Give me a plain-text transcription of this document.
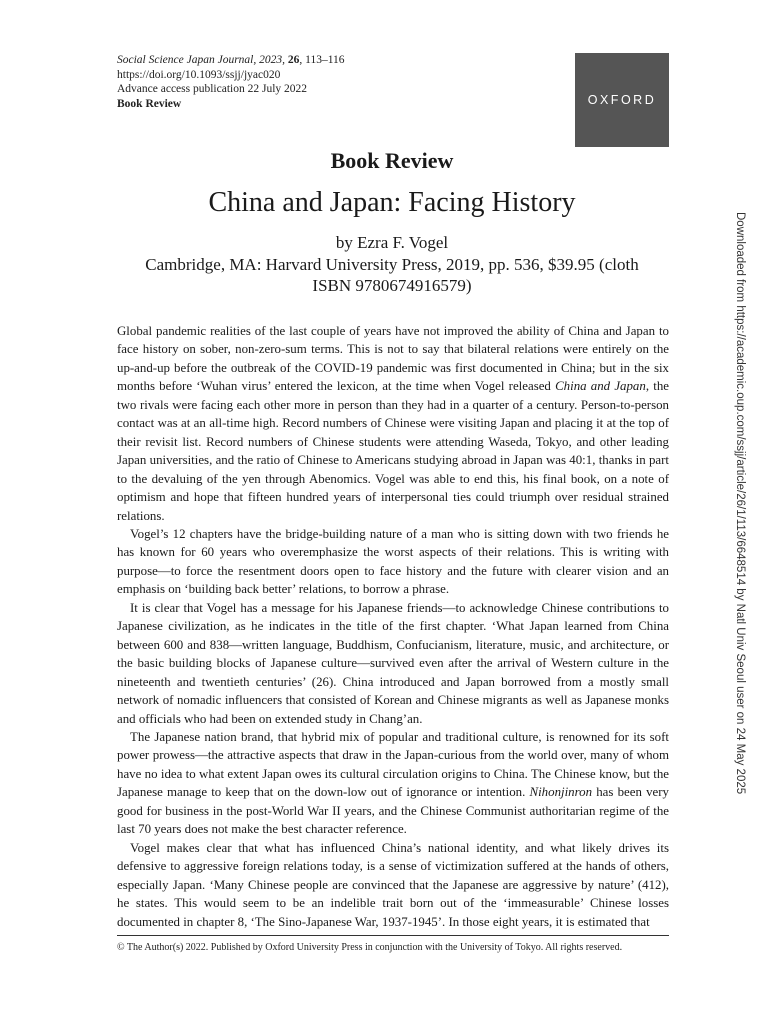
Social Science Japan Journal, 2023, 26, 113–116
https://doi.org/10.1093/ssjj/jyac020
Advance access publication 22 July 2022
Book Review	OXFORD
Book Review
China and Japan: Facing History
by Ezra F. Vogel
Cambridge, MA: Harvard University Press, 2019, pp. 536, $39.95 (cloth
ISBN 9780674916579)

Global pandemic realities of the last couple of years have not improved the ability of China and Japan to face history on sober, non-zero-sum terms. This is not to say that bilateral relations were entirely on the up-and-up before the outbreak of the COVID-19 pandemic was first documented in China; but in the six months before ‘Wuhan virus’ entered the lexicon, at the time when Vogel released China and Japan, the two rivals were facing each other more in person than they had in a quarter of a century. Person-to-person contact was at an all-time high. Record numbers of Chinese were visiting Japan and placing it at the top of their revisit list. Record numbers of Chinese students were attending Waseda, Tokyo, and other leading Japan universities, and the ratio of Chinese to Americans studying abroad in Japan was 40:1, thanks in part to the devaluing of the yen through Abenomics. Vogel was able to end this, his final book, on a note of optimism and hope that fifteen hundred years of interpersonal ties could triumph over residual strained relations.

Vogel’s 12 chapters have the bridge-building nature of a man who is sitting down with two friends he has known for 60 years who overemphasize the worst aspects of their relations. This is writing with purpose—to force the resentment doors open to face history and the future with clearer vision and an emphasis on ‘building back better’ relations, to borrow a phrase.

It is clear that Vogel has a message for his Japanese friends—to acknowledge Chinese contributions to Japanese civilization, as he indicates in the title of the first chapter. ‘What Japan learned from China between 600 and 838—written language, Buddhism, Confucianism, literature, music, and architecture, or the basic building blocks of Japanese culture—survived even after the arrival of Western culture in the nineteenth and twentieth centuries’ (26). China introduced and Japan borrowed from a mostly small network of nomadic influencers that consisted of Korean and Chinese migrants as well as Japanese monks and officials who had been on extended study in Chang’an.

The Japanese nation brand, that hybrid mix of popular and traditional culture, is renowned for its soft power prowess—the attractive aspects that draw in the Japan-curious from the world over, many of whom have no idea to what extent Japan owes its cultural circulation origins to China. The Chinese know, but the Japanese manage to keep that on the down-low out of ignorance or intention. Nihonjinron has been very good for business in the post-World War II years, and the Chinese Communist authoritarian regime of the last 70 years does not make the best character reference.

Vogel makes clear that what has influenced China’s national identity, and what likely drives its defensive to aggressive foreign relations today, is a sense of victimization suffered at the hands of others, especially Japan. ‘Many Chinese people are convinced that the Japanese are aggressive by nature’ (412), he states. This would seem to be an indelible trait born out of the ‘immeasurable’ Chinese losses documented in chapter 8, ‘The Sino-Japanese War, 1937-1945’. In those eight years, it is estimated that

© The Author(s) 2022. Published by Oxford University Press in conjunction with the University of Tokyo. All rights reserved.
Downloaded from https://academic.oup.com/ssjj/article/26/1/113/6648514 by Natl Univ Seoul user on 24 May 2025
